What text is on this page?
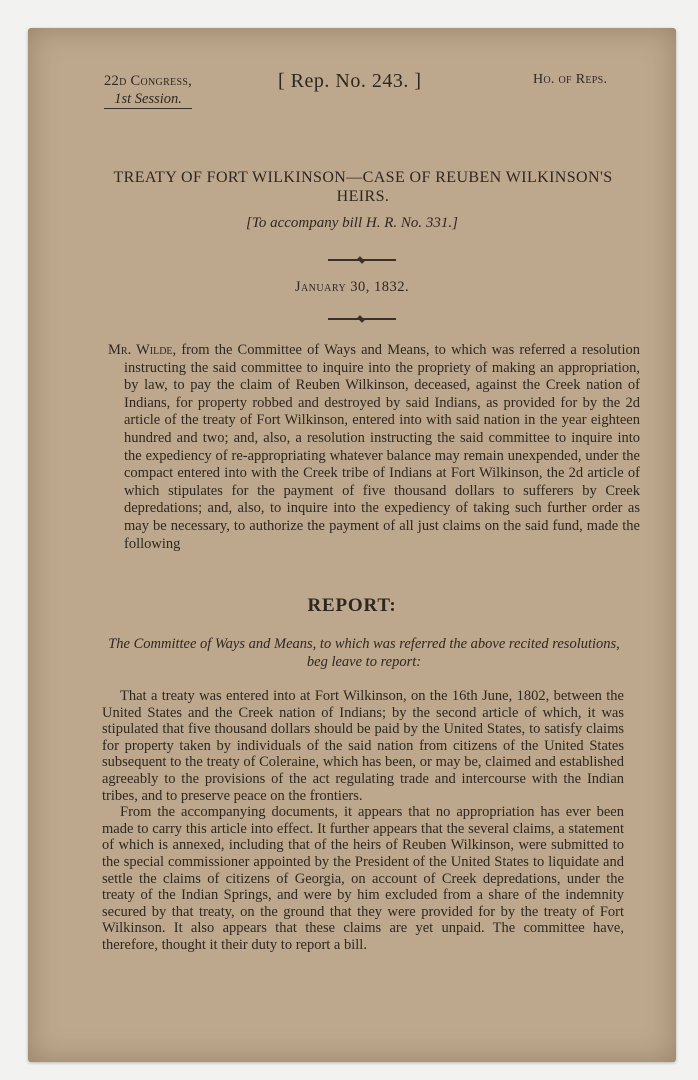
22d Congress,
1st Session.
[ Rep. No. 243. ]	Ho. of Reps.
TREATY OF FORT WILKINSON—CASE OF REUBEN WILKINSON'S HEIRS.
[To accompany bill H. R. No. 331.]
January 30, 1832.
Mr. Wilde, from the Committee of Ways and Means, to which was referred a resolution instructing the said committee to inquire into the propriety of making an appropriation, by law, to pay the claim of Reuben Wilkinson, deceased, against the Creek nation of Indians, for property robbed and destroyed by said Indians, as provided for by the 2d article of the treaty of Fort Wilkinson, entered into with said nation in the year eighteen hundred and two; and, also, a resolution instructing the said committee to inquire into the expediency of re-appropriating whatever balance may remain unexpended, under the compact entered into with the Creek tribe of Indians at Fort Wilkinson, the 2d article of which stipulates for the payment of five thousand dollars to sufferers by Creek depredations; and, also, to inquire into the expediency of taking such further order as may be necessary, to authorize the payment of all just claims on the said fund, made the following
REPORT:
The Committee of Ways and Means, to which was referred the above recited resolutions, beg leave to report:

That a treaty was entered into at Fort Wilkinson, on the 16th June, 1802, between the United States and the Creek nation of Indians; by the second article of which, it was stipulated that five thousand dollars should be paid by the United States, to satisfy claims for property taken by individuals of the said nation from citizens of the United States subsequent to the treaty of Coleraine, which has been, or may be, claimed and established agreeably to the provisions of the act regulating trade and intercourse with the Indian tribes, and to preserve peace on the frontiers.

From the accompanying documents, it appears that no appropriation has ever been made to carry this article into effect. It further appears that the several claims, a statement of which is annexed, including that of the heirs of Reuben Wilkinson, were submitted to the special commissioner appointed by the President of the United States to liquidate and settle the claims of citizens of Georgia, on account of Creek depredations, under the treaty of the Indian Springs, and were by him excluded from a share of the indemnity secured by that treaty, on the ground that they were provided for by the treaty of Fort Wilkinson. It also appears that these claims are yet unpaid. The committee have, therefore, thought it their duty to report a bill.
